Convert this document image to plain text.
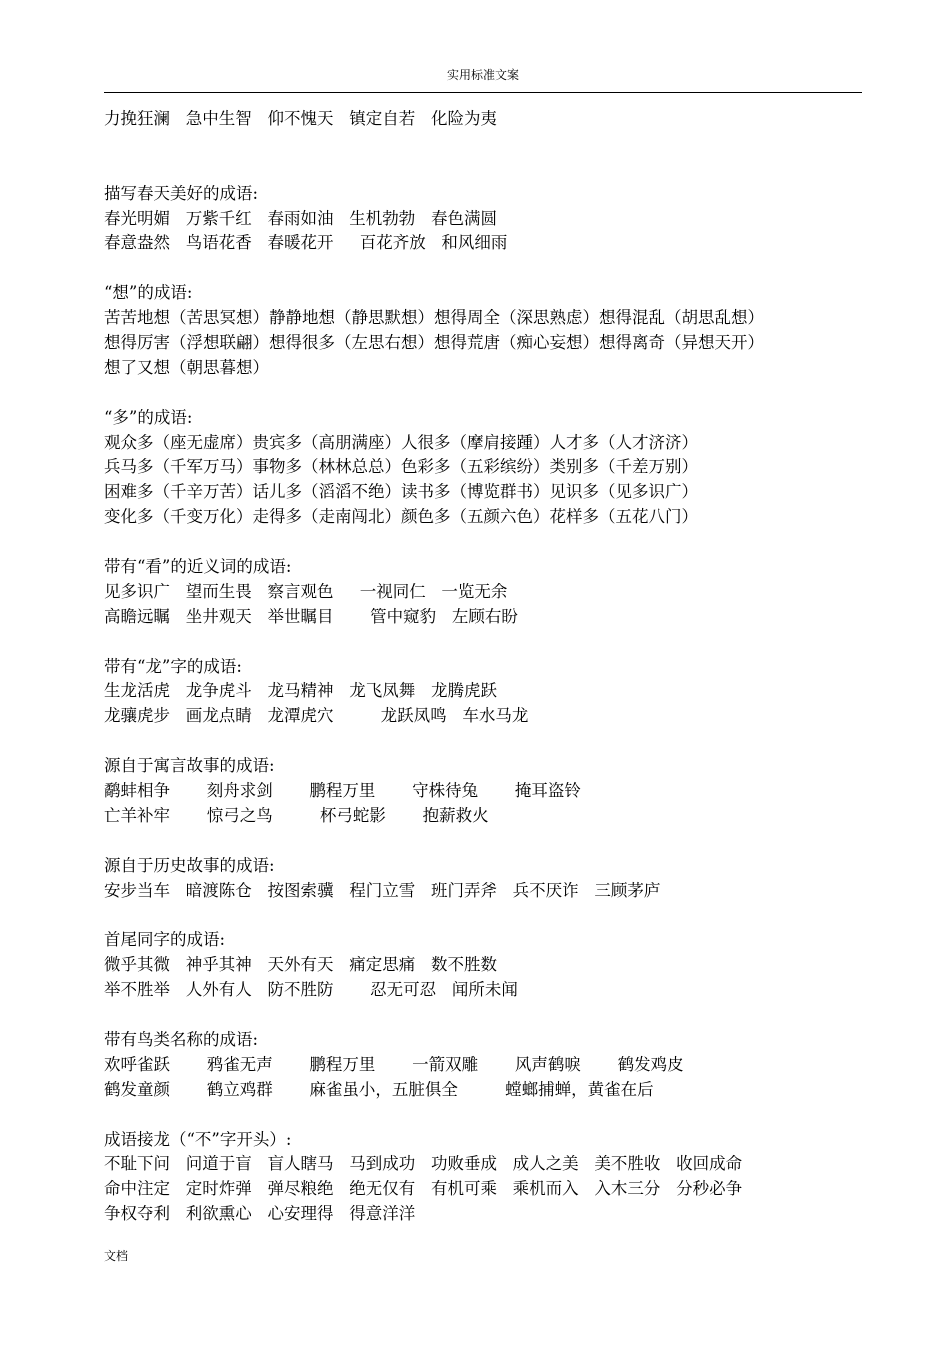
实用标准文案
力挽狂澜   急中生智   仰不愧天   镇定自若   化险为夷
描写春天美好的成语:
春光明媚   万紫千红   春雨如油   生机勃勃   春色满圆
春意盎然   鸟语花香   春暖花开     百花齐放   和风细雨
“想”的成语:
苦苦地想（苦思冥想）静静地想（静思默想）想得周全（深思熟虑）想得混乱（胡思乱想）
想得厉害（浮想联翩）想得很多（左思右想）想得荒唐（痴心妄想）想得离奇（异想天开）
想了又想（朝思暮想）
“多”的成语:
观众多（座无虚席）贵宾多（高朋满座）人很多（摩肩接踵）人才多（人才济济）
兵马多（千军万马）事物多（林林总总）色彩多（五彩缤纷）类别多（千差万别）
困难多（千辛万苦）话儿多（滔滔不绝）读书多（博览群书）见识多（见多识广）
变化多（千变万化）走得多（走南闯北）颜色多（五颜六色）花样多（五花八门）
带有“看”的近义词的成语:
见多识广   望而生畏   察言观色     一视同仁   一览无余
高瞻远瞩   坐井观天   举世瞩目       管中窥豹   左顾右盼
带有“龙”字的成语:
生龙活虎   龙争虎斗   龙马精神   龙飞凤舞   龙腾虎跃
龙骧虎步   画龙点睛   龙潭虎穴         龙跃凤鸣   车水马龙
源自于寓言故事的成语:
鹬蚌相争       刻舟求剑       鹏程万里       守株待兔       掩耳盗铃
亡羊补牢       惊弓之鸟         杯弓蛇影       抱薪救火
源自于历史故事的成语:
安步当车   暗渡陈仓   按图索骥   程门立雪   班门弄斧   兵不厌诈   三顾茅庐
首尾同字的成语:
微乎其微   神乎其神   天外有天   痛定思痛   数不胜数
举不胜举   人外有人   防不胜防       忍无可忍   闻所未闻
带有鸟类名称的成语:
欢呼雀跃       鸦雀无声       鹏程万里       一箭双雕       风声鹤唳       鹤发鸡皮
鹤发童颜       鹤立鸡群       麻雀虽小，五脏俱全         螳螂捕蝉，黄雀在后
成语接龙（“不”字开头）:
不耻下问   问道于盲   盲人瞎马   马到成功   功败垂成   成人之美   美不胜收   收回成命
命中注定   定时炸弹   弹尽粮绝   绝无仅有   有机可乘   乘机而入   入木三分   分秒必争
争权夺利   利欲熏心   心安理得   得意洋洋
文档
